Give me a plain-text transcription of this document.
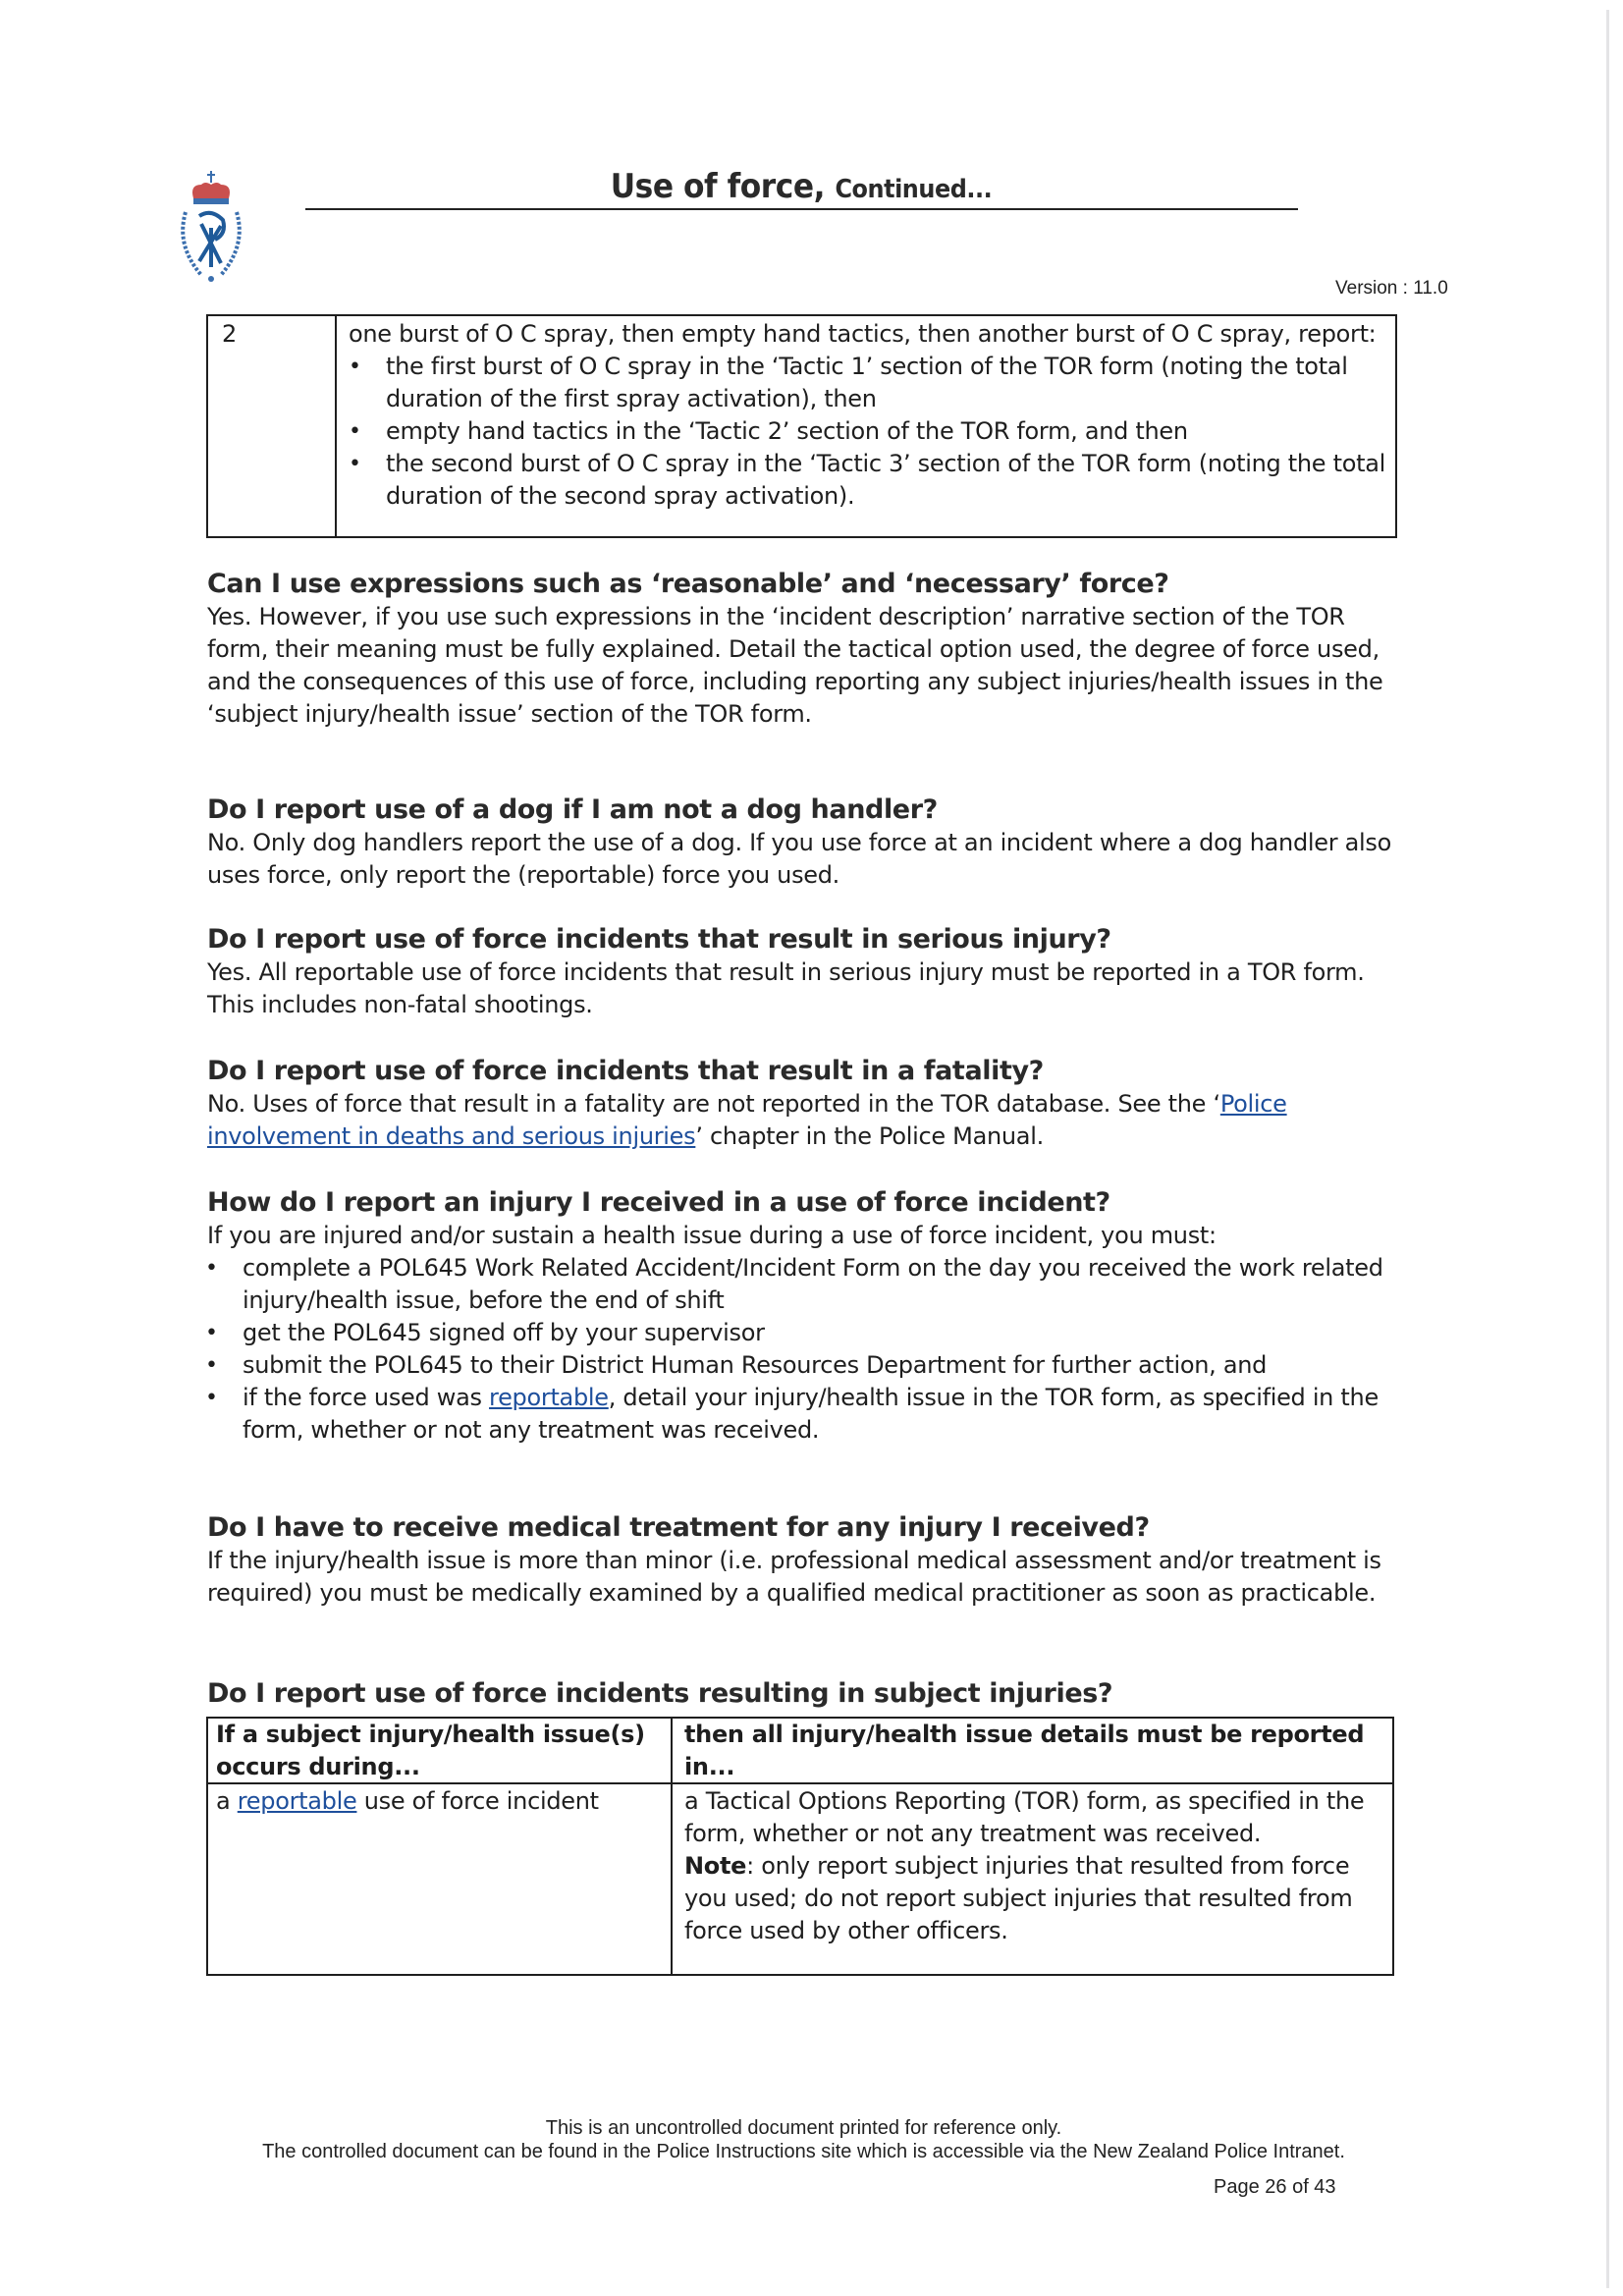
Use of force, Continued...
Version : 11.0
2	one burst of O C spray, then empty hand tactics, then another burst of O C spray, report:
• the first burst of O C spray in the ‘Tactic 1’ section of the TOR form (noting the total duration of the first spray activation), then
• empty hand tactics in the ‘Tactic 2’ section of the TOR form, and then
• the second burst of O C spray in the ‘Tactic 3’ section of the TOR form (noting the total duration of the second spray activation).
Can I use expressions such as ‘reasonable’ and ‘necessary’ force?
Yes. However, if you use such expressions in the ‘incident description’ narrative section of the TOR form, their meaning must be fully explained. Detail the tactical option used, the degree of force used, and the consequences of this use of force, including reporting any subject injuries/health issues in the ‘subject injury/health issue’ section of the TOR form.
Do I report use of a dog if I am not a dog handler?
No. Only dog handlers report the use of a dog. If you use force at an incident where a dog handler also uses force, only report the (reportable) force you used.
Do I report use of force incidents that result in serious injury?
Yes. All reportable use of force incidents that result in serious injury must be reported in a TOR form. This includes non-fatal shootings.
Do I report use of force incidents that result in a fatality?
No. Uses of force that result in a fatality are not reported in the TOR database. See the ‘Police involvement in deaths and serious injuries’ chapter in the Police Manual.
How do I report an injury I received in a use of force incident?
If you are injured and/or sustain a health issue during a use of force incident, you must:
• complete a POL645 Work Related Accident/Incident Form on the day you received the work related injury/health issue, before the end of shift
• get the POL645 signed off by your supervisor
• submit the POL645 to their District Human Resources Department for further action, and
• if the force used was reportable, detail your injury/health issue in the TOR form, as specified in the form, whether or not any treatment was received.
Do I have to receive medical treatment for any injury I received?
If the injury/health issue is more than minor (i.e. professional medical assessment and/or treatment is required) you must be medically examined by a qualified medical practitioner as soon as practicable.
Do I report use of force incidents resulting in subject injuries?
If a subject injury/health issue(s) occurs during...
then all injury/health issue details must be reported in...
a reportable use of force incident	a Tactical Options Reporting (TOR) form, as specified in the form, whether or not any treatment was received.
Note: only report subject injuries that resulted from force you used; do not report subject injuries that resulted from force used by other officers.
This is an uncontrolled document printed for reference only.
The controlled document can be found in the Police Instructions site which is accessible via the New Zealand Police Intranet.
Page 26 of 43
